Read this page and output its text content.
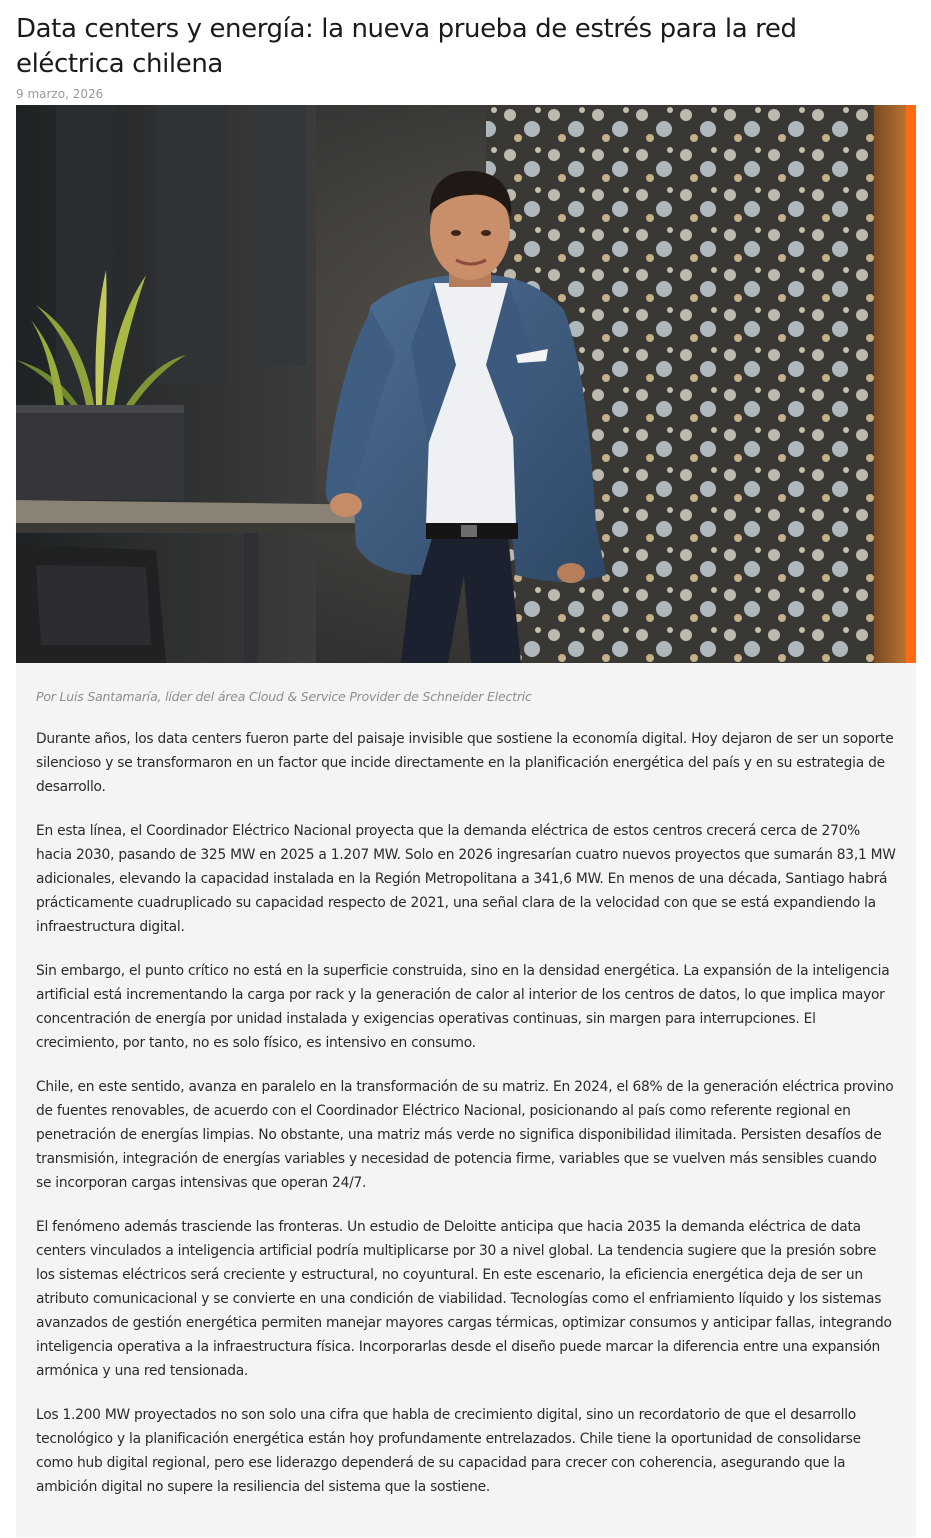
Data centers y energía: la nueva prueba de estrés para la red eléctrica chilena
9 marzo, 2026

Por Luis Santamaría, líder del área Cloud & Service Provider de Schneider Electric

Durante años, los data centers fueron parte del paisaje invisible que sostiene la economía digital. Hoy dejaron de ser un soporte silencioso y se transformaron en un factor que incide directamente en la planificación energética del país y en su estrategia de desarrollo.

En esta línea, el Coordinador Eléctrico Nacional proyecta que la demanda eléctrica de estos centros crecerá cerca de 270% hacia 2030, pasando de 325 MW en 2025 a 1.207 MW. Solo en 2026 ingresarían cuatro nuevos proyectos que sumarán 83,1 MW adicionales, elevando la capacidad instalada en la Región Metropolitana a 341,6 MW. En menos de una década, Santiago habrá prácticamente cuadruplicado su capacidad respecto de 2021, una señal clara de la velocidad con que se está expandiendo la infraestructura digital.

Sin embargo, el punto crítico no está en la superficie construida, sino en la densidad energética. La expansión de la inteligencia artificial está incrementando la carga por rack y la generación de calor al interior de los centros de datos, lo que implica mayor concentración de energía por unidad instalada y exigencias operativas continuas, sin margen para interrupciones. El crecimiento, por tanto, no es solo físico, es intensivo en consumo.

Chile, en este sentido, avanza en paralelo en la transformación de su matriz. En 2024, el 68% de la generación eléctrica provino de fuentes renovables, de acuerdo con el Coordinador Eléctrico Nacional, posicionando al país como referente regional en penetración de energías limpias. No obstante, una matriz más verde no significa disponibilidad ilimitada. Persisten desafíos de transmisión, integración de energías variables y necesidad de potencia firme, variables que se vuelven más sensibles cuando se incorporan cargas intensivas que operan 24/7.

El fenómeno además trasciende las fronteras. Un estudio de Deloitte anticipa que hacia 2035 la demanda eléctrica de data centers vinculados a inteligencia artificial podría multiplicarse por 30 a nivel global. La tendencia sugiere que la presión sobre los sistemas eléctricos será creciente y estructural, no coyuntural. En este escenario, la eficiencia energética deja de ser un atributo comunicacional y se convierte en una condición de viabilidad. Tecnologías como el enfriamiento líquido y los sistemas avanzados de gestión energética permiten manejar mayores cargas térmicas, optimizar consumos y anticipar fallas, integrando inteligencia operativa a la infraestructura física. Incorporarlas desde el diseño puede marcar la diferencia entre una expansión armónica y una red tensionada.

Los 1.200 MW proyectados no son solo una cifra que habla de crecimiento digital, sino un recordatorio de que el desarrollo tecnológico y la planificación energética están hoy profundamente entrelazados. Chile tiene la oportunidad de consolidarse como hub digital regional, pero ese liderazgo dependerá de su capacidad para crecer con coherencia, asegurando que la ambición digital no supere la resiliencia del sistema que la sostiene.
